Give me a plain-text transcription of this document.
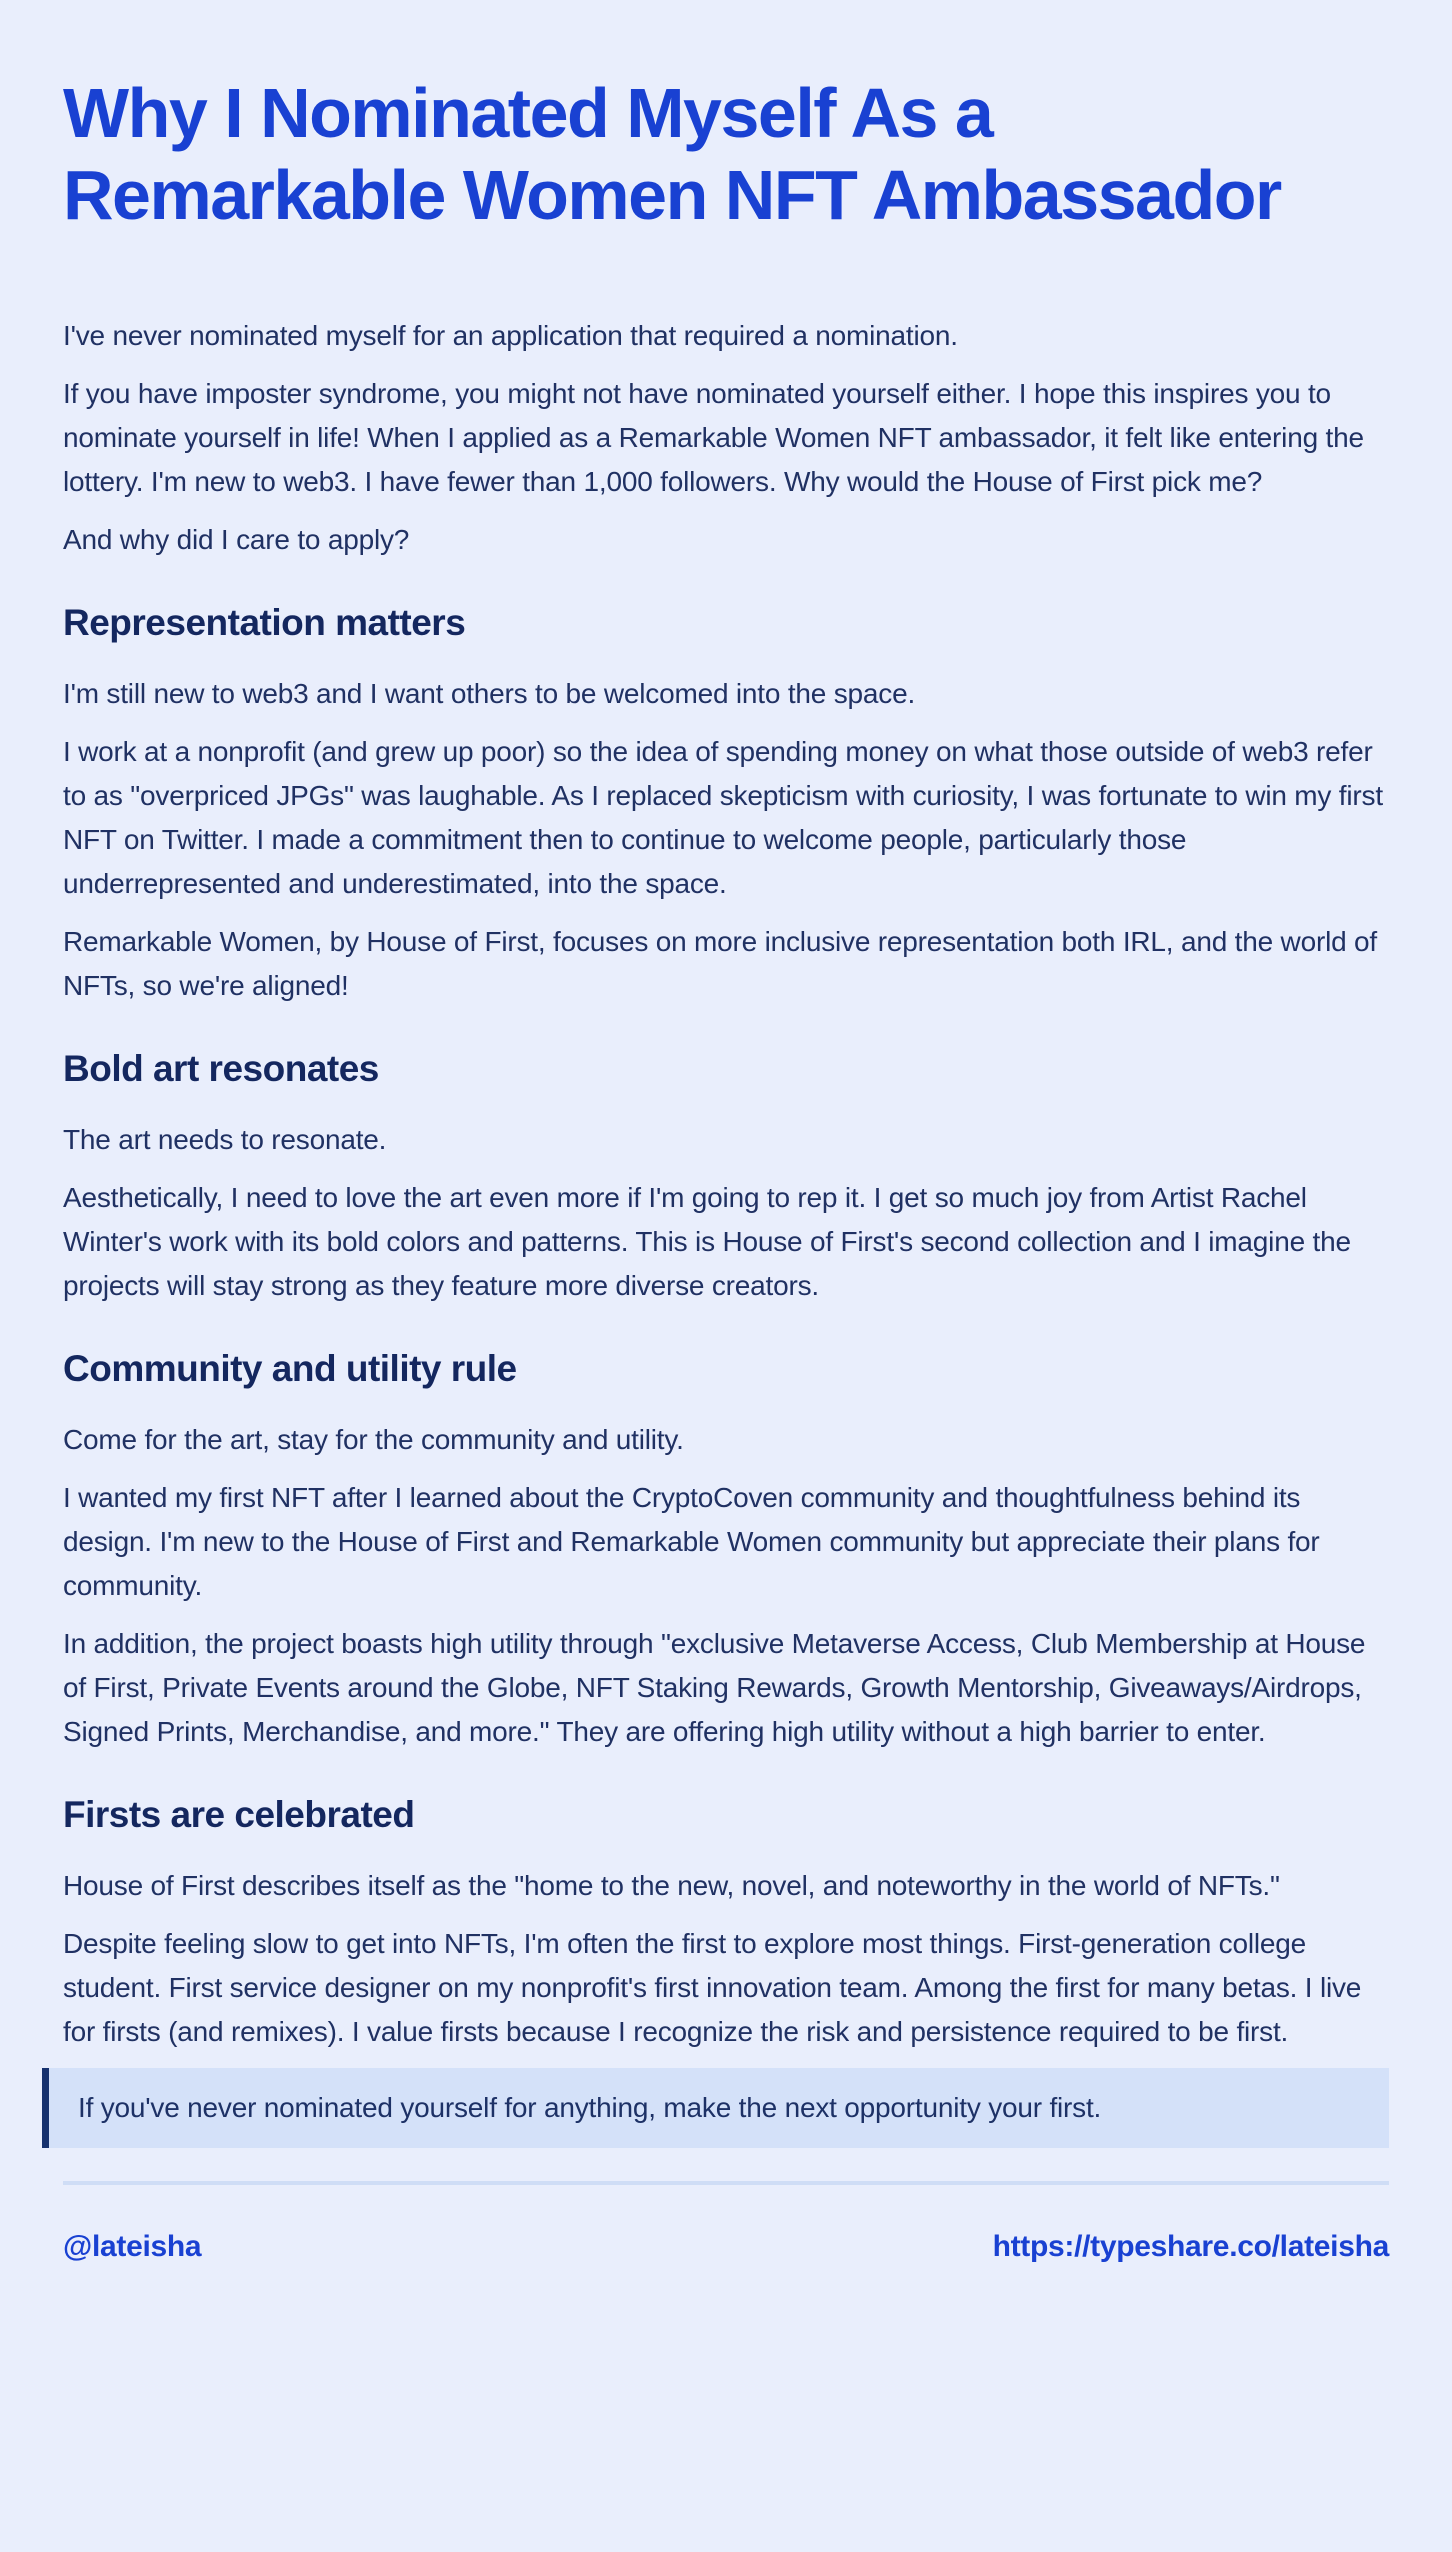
Why I Nominated Myself As a Remarkable Women NFT Ambassador

I've never nominated myself for an application that required a nomination.

If you have imposter syndrome, you might not have nominated yourself either. I hope this inspires you to nominate yourself in life! When I applied as a Remarkable Women NFT ambassador, it felt like entering the lottery. I'm new to web3. I have fewer than 1,000 followers. Why would the House of First pick me?

And why did I care to apply?

Representation matters

I'm still new to web3 and I want others to be welcomed into the space.

I work at a nonprofit (and grew up poor) so the idea of spending money on what those outside of web3 refer to as "overpriced JPGs" was laughable. As I replaced skepticism with curiosity, I was fortunate to win my first NFT on Twitter. I made a commitment then to continue to welcome people, particularly those underrepresented and underestimated, into the space.

Remarkable Women, by House of First, focuses on more inclusive representation both IRL, and the world of NFTs, so we're aligned!

Bold art resonates

The art needs to resonate.

Aesthetically, I need to love the art even more if I'm going to rep it. I get so much joy from Artist Rachel Winter's work with its bold colors and patterns. This is House of First's second collection and I imagine the projects will stay strong as they feature more diverse creators.

Community and utility rule

Come for the art, stay for the community and utility.

I wanted my first NFT after I learned about the CryptoCoven community and thoughtfulness behind its design. I'm new to the House of First and Remarkable Women community but appreciate their plans for community.

In addition, the project boasts high utility through "exclusive Metaverse Access, Club Membership at House of First, Private Events around the Globe, NFT Staking Rewards, Growth Mentorship, Giveaways/Airdrops, Signed Prints, Merchandise, and more." They are offering high utility without a high barrier to enter.

Firsts are celebrated

House of First describes itself as the "home to the new, novel, and noteworthy in the world of NFTs."

Despite feeling slow to get into NFTs, I'm often the first to explore most things. First-generation college student. First service designer on my nonprofit's first innovation team. Among the first for many betas. I live for firsts (and remixes). I value firsts because I recognize the risk and persistence required to be first.

If you've never nominated yourself for anything, make the next opportunity your first.

@lateisha	https://typeshare.co/lateisha
